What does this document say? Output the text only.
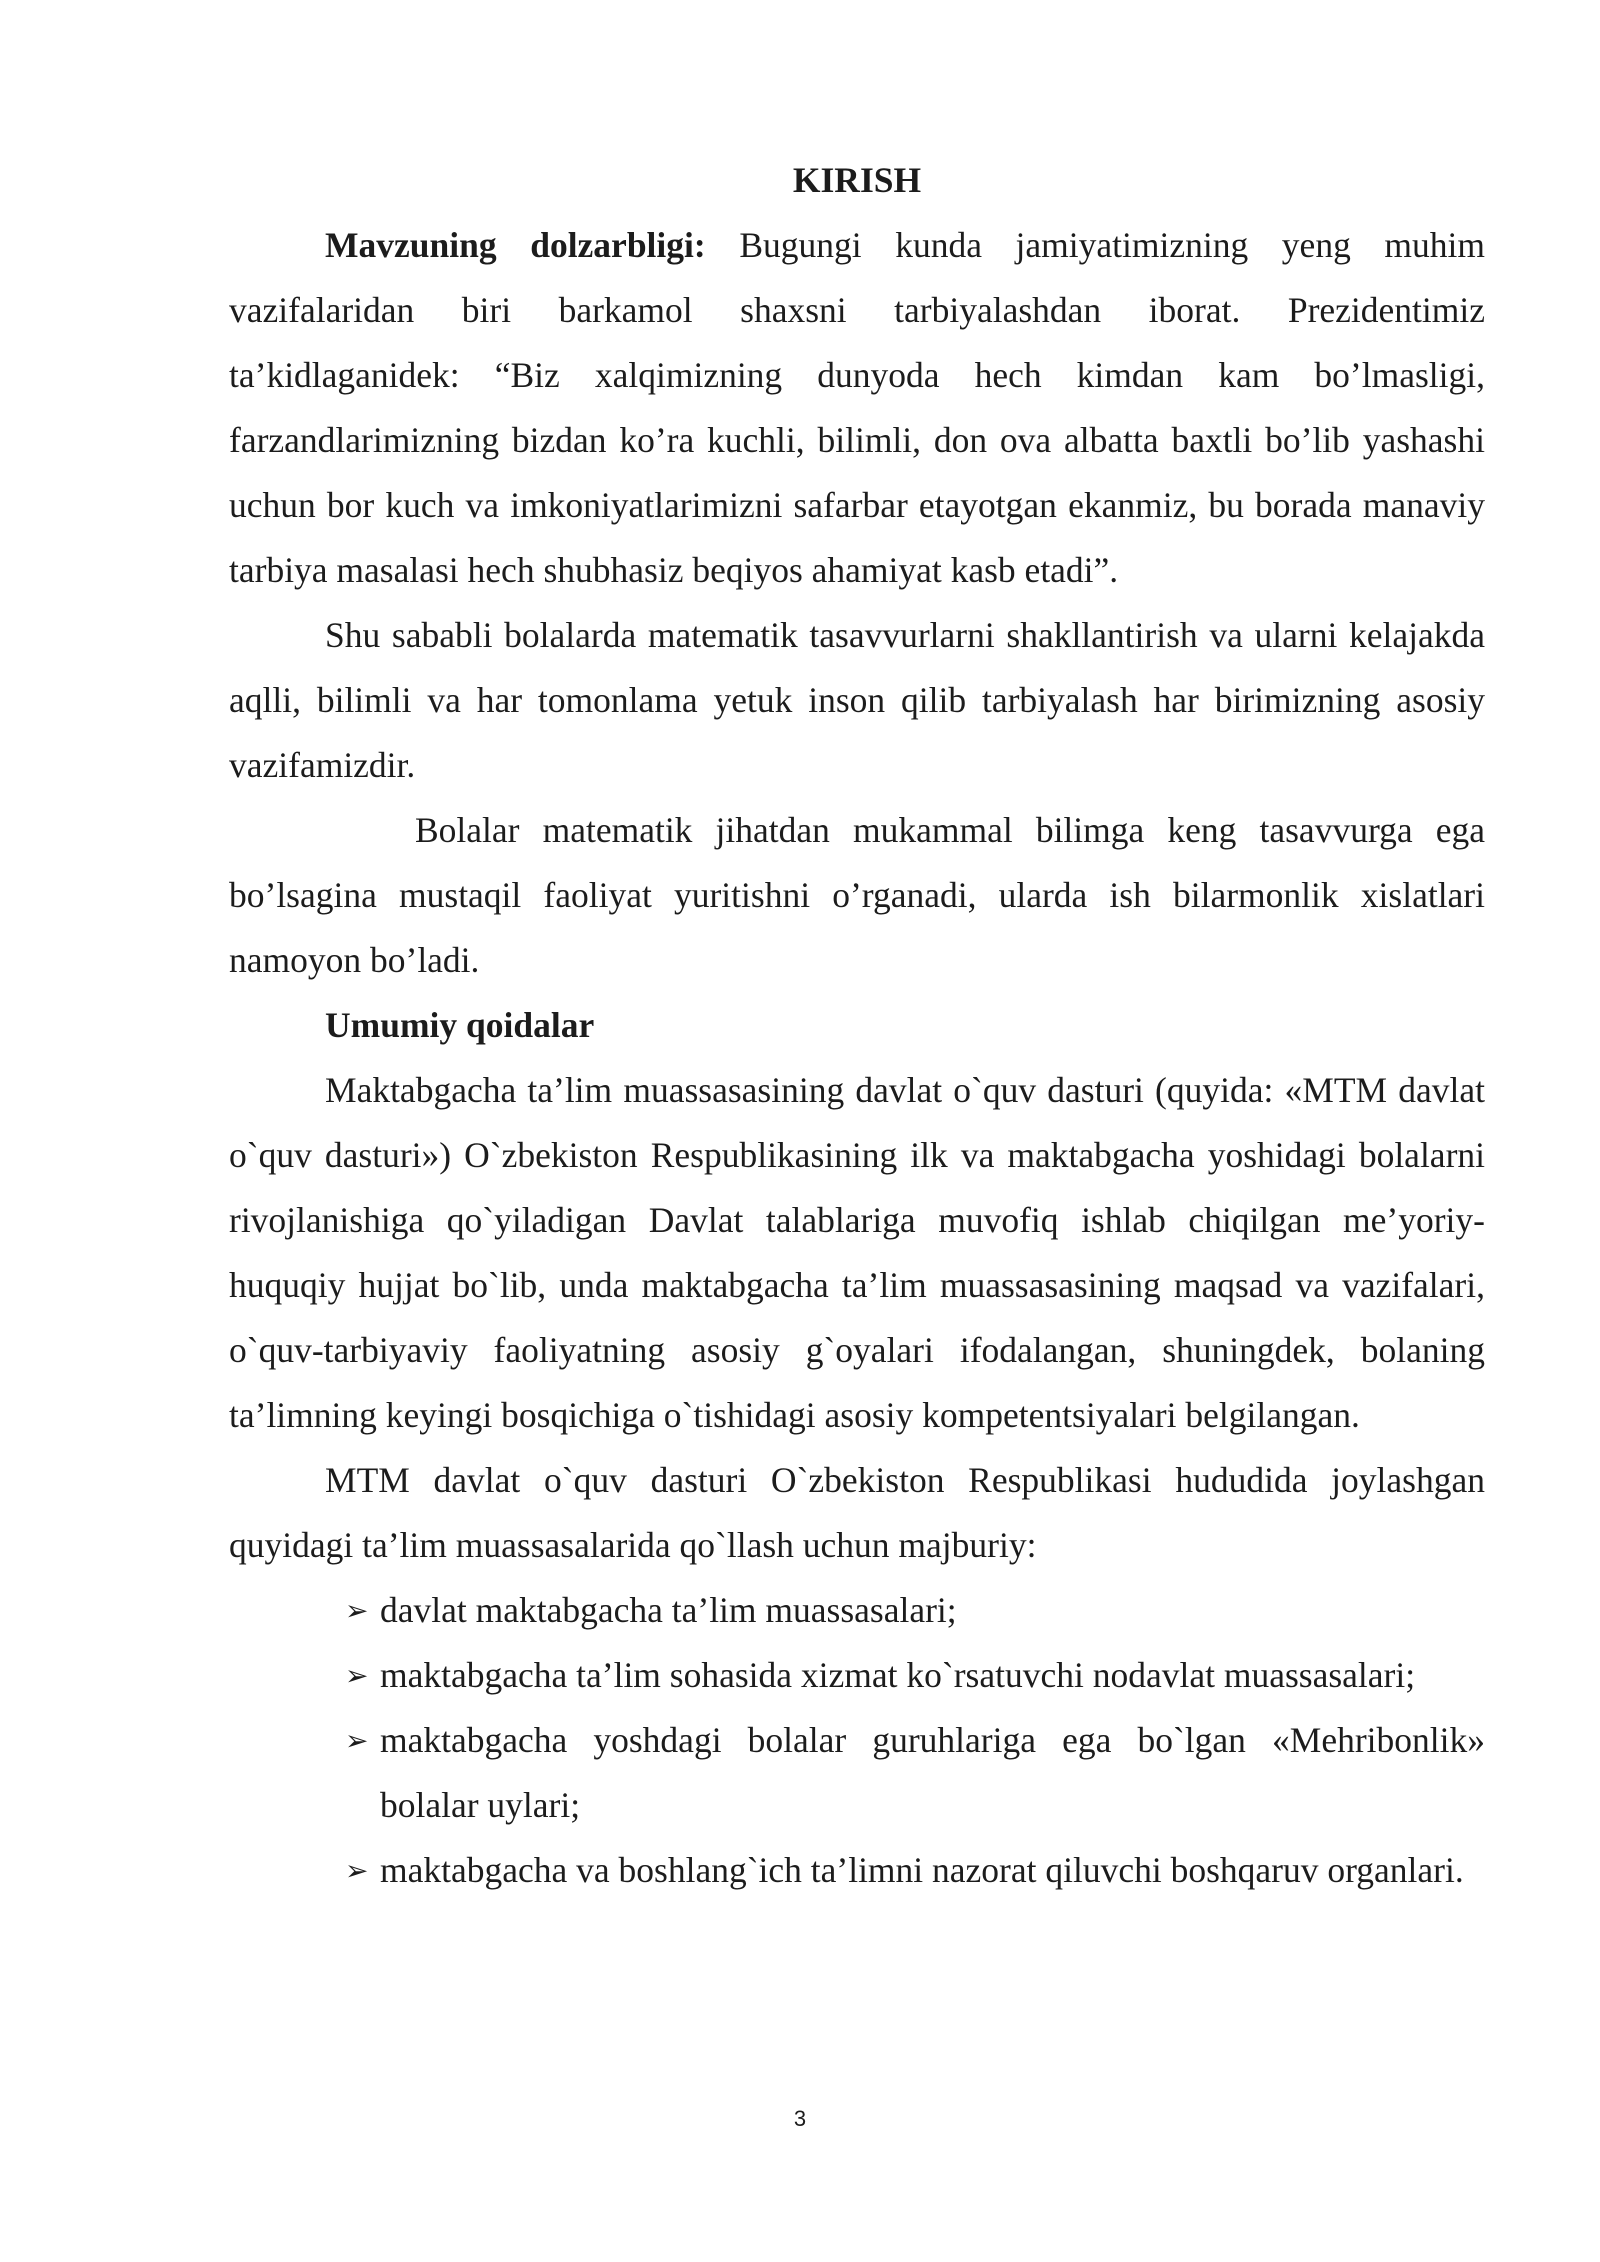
KIRISH

Mavzuning dolzarbligi: Bugungi kunda jamiyatimizning yeng muhim vazifalaridan biri barkamol shaxsni tarbiyalashdan iborat. Prezidentimiz ta’kidlaganidek: “Biz xalqimizning dunyoda hech kimdan kam bo’lmasligi, farzandlarimizning bizdan ko’ra kuchli, bilimli, don ova albatta baxtli bo’lib yashashi uchun bor kuch va imkoniyatlarimizni safarbar etayotgan ekanmiz, bu borada manaviy tarbiya masalasi hech shubhasiz beqiyos ahamiyat kasb etadi”.

Shu sababli bolalarda matematik tasavvurlarni shakllantirish va ularni kelajakda aqlli, bilimli va har tomonlama yetuk inson qilib tarbiyalash har birimizning asosiy vazifamizdir.

Bolalar matematik jihatdan mukammal bilimga keng tasavvurga ega bo’lsagina mustaqil faoliyat yuritishni o’rganadi, ularda ish bilarmonlik xislatlari namoyon bo’ladi.

Umumiy qoidalar

Maktabgacha ta’lim muassasasining davlat o`quv dasturi (quyida: «MTM davlat o`quv dasturi») O`zbekiston Respublikasining ilk va maktabgacha yoshidagi bolalarni rivojlanishiga qo`yiladigan Davlat talablariga muvofiq ishlab chiqilgan me’yoriy-huquqiy hujjat bo`lib, unda maktabgacha ta’lim muassasasining maqsad va vazifalari, o`quv-tarbiyaviy faoliyatning asosiy g`oyalari ifodalangan, shuningdek, bolaning ta’limning keyingi bosqichiga o`tishidagi asosiy kompetentsiyalari belgilangan.

MTM davlat o`quv dasturi O`zbekiston Respublikasi hududida joylashgan quyidagi ta’lim muassasalarida qo`llash uchun majburiy:

➢ davlat maktabgacha ta’lim muassasalari;
➢ maktabgacha ta’lim sohasida xizmat ko`rsatuvchi nodavlat muassasalari;
➢ maktabgacha yoshdagi bolalar guruhlariga ega bo`lgan «Mehribonlik» bolalar uylari;
➢ maktabgacha va boshlang`ich ta’limni nazorat qiluvchi boshqaruv organlari.
3
